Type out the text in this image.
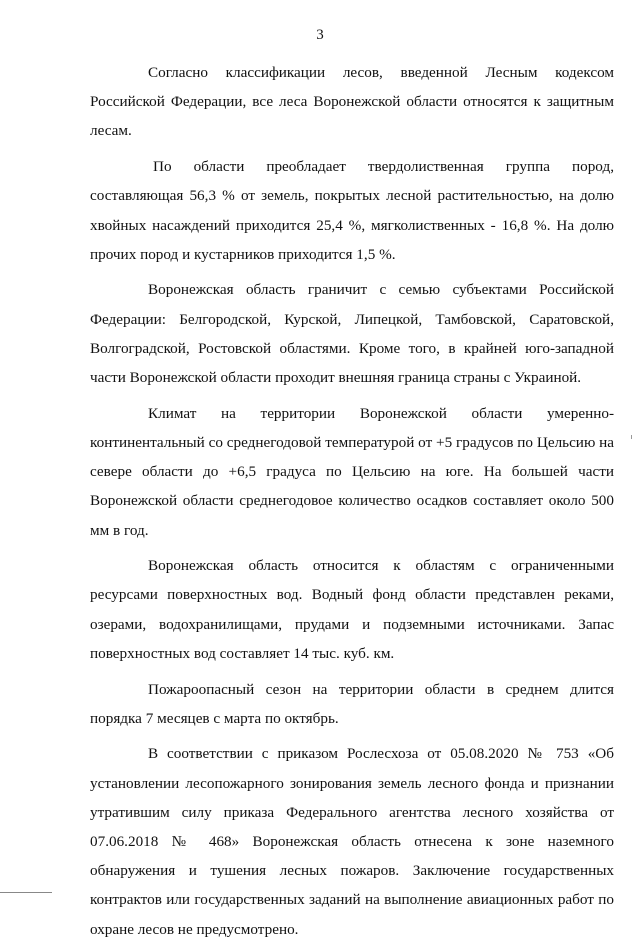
3

Согласно классификации лесов, введенной Лесным кодексом Российской Федерации, все леса Воронежской области относятся к защитным лесам.

По области преобладает твердолиственная группа пород, составляющая 56,3 % от земель, покрытых лесной растительностью, на долю хвойных насаждений приходится 25,4 %, мягколиственных - 16,8 %. На долю прочих пород и кустарников приходится 1,5 %.

Воронежская область граничит с семью субъектами Российской Федерации: Белгородской, Курской, Липецкой, Тамбовской, Саратовской, Волгоградской, Ростовской областями. Кроме того, в крайней юго-западной части Воронежской области проходит внешняя граница страны с Украиной.

Климат на территории Воронежской области умеренно-континентальный со среднегодовой температурой от +5 градусов по Цельсию на севере области до +6,5 градуса по Цельсию на юге. На большей части Воронежской области среднегодовое количество осадков составляет около 500 мм в год.

Воронежская область относится к областям с ограниченными ресурсами поверхностных вод. Водный фонд области представлен реками, озерами, водохранилищами, прудами и подземными источниками. Запас поверхностных вод составляет 14 тыс. куб. км.

Пожароопасный сезон на территории области в среднем длится порядка 7 месяцев с марта по октябрь.

В соответствии с приказом Рослесхоза от 05.08.2020 № 753 «Об установлении лесопожарного зонирования земель лесного фонда и признании утратившим силу приказа Федерального агентства лесного хозяйства от 07.06.2018 № 468» Воронежская область отнесена к зоне наземного обнаружения и тушения лесных пожаров. Заключение государственных контрактов или государственных заданий на выполнение авиационных работ по охране лесов не предусмотрено.
